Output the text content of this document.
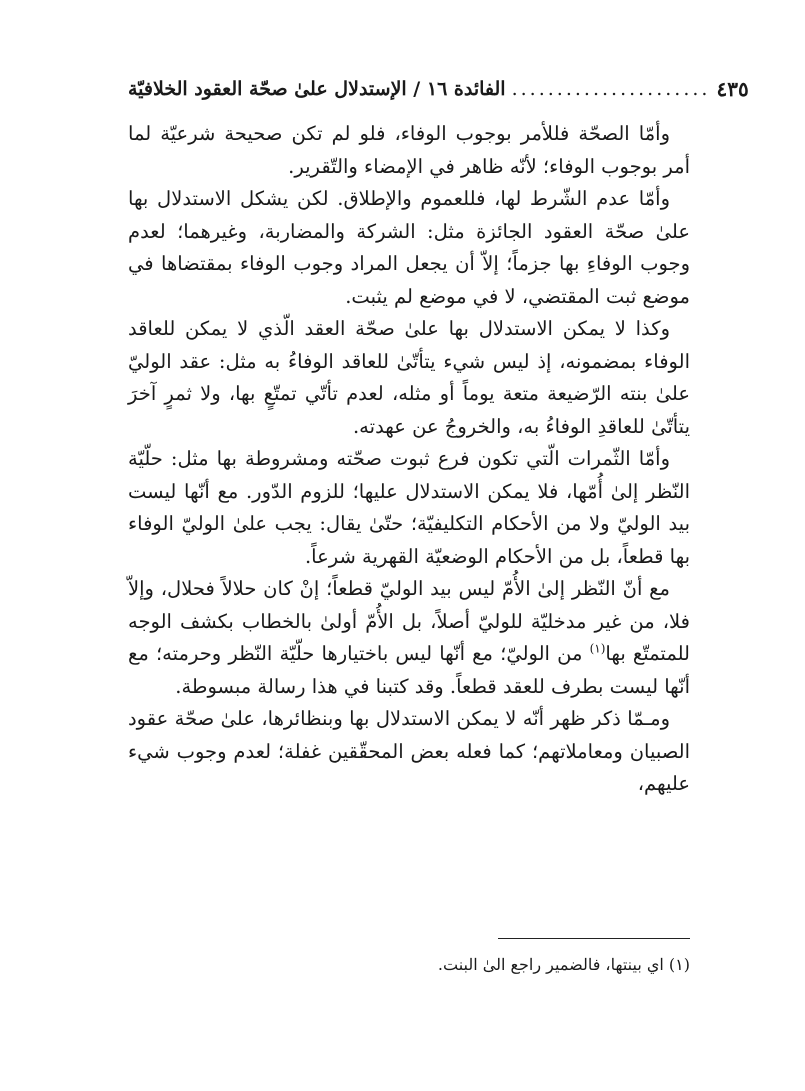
الفائدة ١٦ / الإستدلال علىٰ صحّة العقود الخلافيّة ...................... ٤٣٥

وأمّا الصحّة فللأمر بوجوب الوفاء، فلو لم تكن صحيحة شرعيّة لما أمر بوجوب الوفاء؛ لأنّه ظاهر في الإمضاء والتّقرير.

وأمّا عدم الشّرط لها، فللعموم والإطلاق. لكن يشكل الاستدلال بها علىٰ صحّة العقود الجائزة مثل: الشركة والمضاربة، وغيرهما؛ لعدم وجوب الوفاءِ بها جزماً؛ إلاّ أن يجعل المراد وجوب الوفاء بمقتضاها في موضع ثبت المقتضي، لا في موضع لم يثبت.

وكذا لا يمكن الاستدلال بها علىٰ صحّة العقد الّذي لا يمكن للعاقد الوفاء بمضمونه، إذ ليس شيء يتأتّىٰ للعاقد الوفاءُ به مثل: عقد الوليّ علىٰ بنته الرّضيعة متعة يوماً أو مثله، لعدم تأتّي تمتّعٍ بها، ولا ثمرٍ آخرَ يتأتّىٰ للعاقدِ الوفاءُ به، والخروجُ عن عهدته.

وأمّا الثّمرات الّتي تكون فرع ثبوت صحّته ومشروطة بها مثل: حلّيّة النّظر إلىٰ أُمّها، فلا يمكن الاستدلال عليها؛ للزوم الدّور. مع أنّها ليست بيد الوليّ ولا من الأحكام التكليفيّة؛ حتّىٰ يقال: يجب علىٰ الوليّ الوفاء بها قطعاً، بل من الأحكام الوضعيّة القهرية شرعاً.

مع أنّ النّظر إلىٰ الأُمّ ليس بيد الوليّ قطعاً؛ إنْ كان حلالاً فحلال، وإلاّ فلا، من غير مدخليّة للوليّ أصلاً، بل الأُمّ أولىٰ بالخطاب بكشف الوجه للمتمتّع بها$^{(١)}$ من الوليّ؛ مع أنّها ليس باختيارها حلّيّة النّظر وحرمته؛ مع أنّها ليست بطرف للعقد قطعاً. وقد كتبنا في هذا رسالة مبسوطة.

ومـمّا ذكر ظهر أنّه لا يمكن الاستدلال بها وبنظائرها، علىٰ صحّة عقود الصبيان ومعاملاتهم؛ كما فعله بعض المحقّقين غفلة؛ لعدم وجوب شيء عليهم،

(١) اي بينتها، فالضمير راجع الىٰ البنت.
